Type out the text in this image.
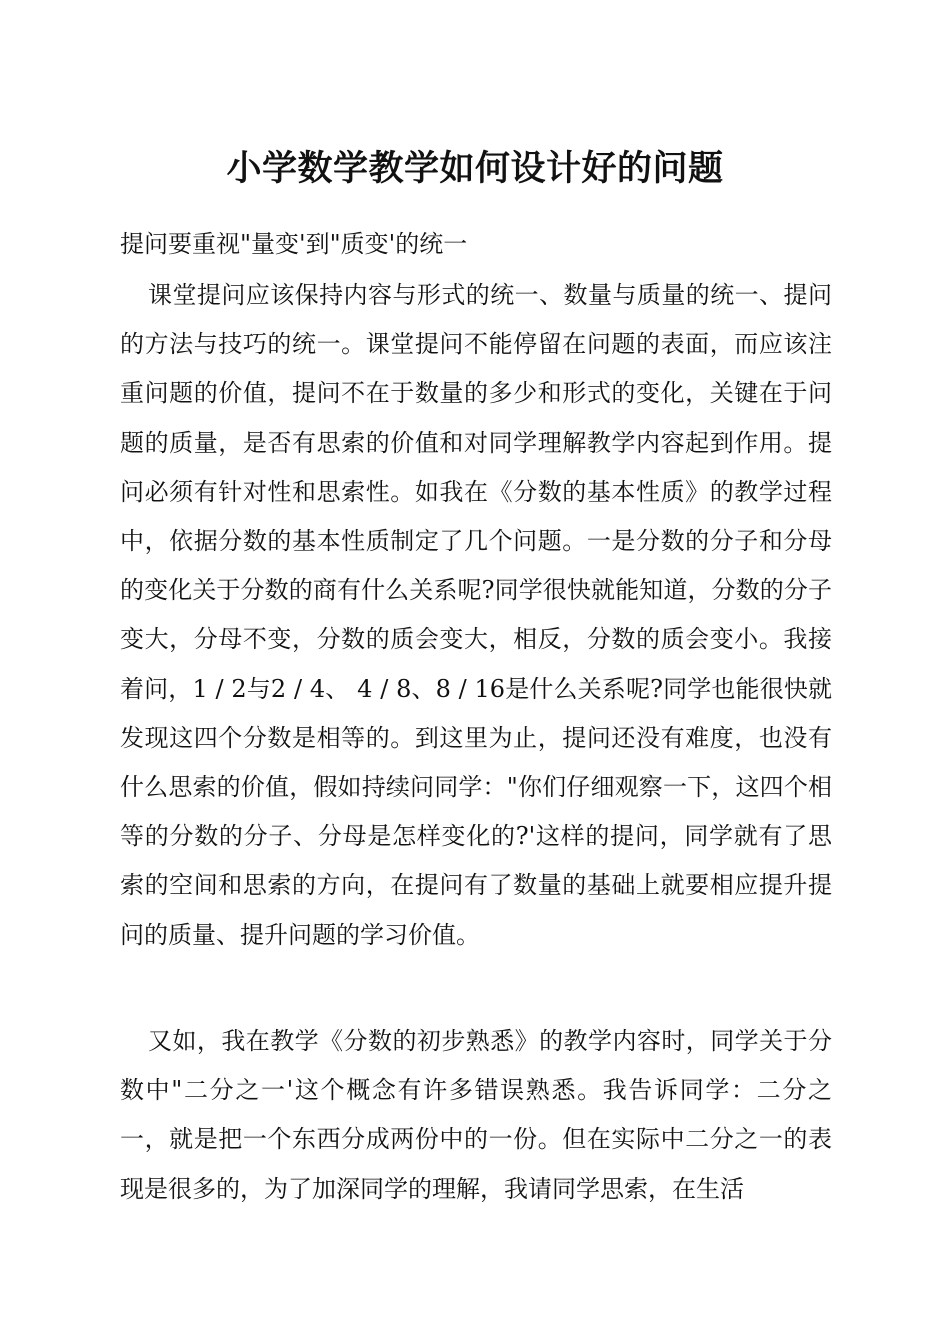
小学数学教学如何设计好的问题
提问要重视"量变'到"质变'的统一
课堂提问应该保持内容与形式的统一、数量与质量的统一、提问的方法与技巧的统一。课堂提问不能停留在问题的表面，而应该注重问题的价值，提问不在于数量的多少和形式的变化，关键在于问题的质量，是否有思索的价值和对同学理解教学内容起到作用。提问必须有针对性和思索性。如我在《分数的基本性质》的教学过程中，依据分数的基本性质制定了几个问题。一是分数的分子和分母的变化关于分数的商有什么关系呢?同学很快就能知道，分数的分子变大，分母不变，分数的质会变大，相反，分数的质会变小。我接着问，1 / 2与2 / 4、 4 / 8、8 / 16是什么关系呢?同学也能很快就发现这四个分数是相等的。到这里为止，提问还没有难度，也没有什么思索的价值，假如持续问同学："你们仔细观察一下，这四个相等的分数的分子、分母是怎样变化的?'这样的提问，同学就有了思索的空间和思索的方向，在提问有了数量的基础上就要相应提升提问的质量、提升问题的学习价值。
又如，我在教学《分数的初步熟悉》的教学内容时，同学关于分数中"二分之一'这个概念有许多错误熟悉。我告诉同学：二分之一，就是把一个东西分成两份中的一份。但在实际中二分之一的表现是很多的，为了加深同学的理解，我请同学思索，在生活
